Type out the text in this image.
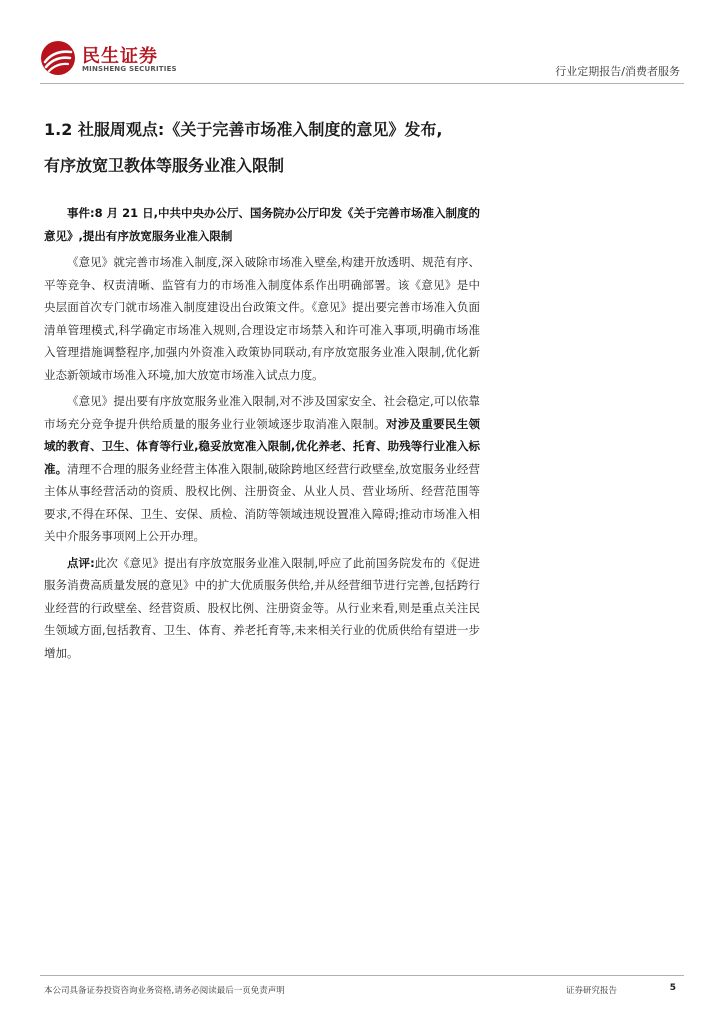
民生证券
MINSHENG SECURITIES	行业定期报告/消费者服务
1.2 社服周观点:《关于完善市场准入制度的意见》发布,
有序放宽卫教体等服务业准入限制

事件:8 月 21 日,中共中央办公厅、国务院办公厅印发《关于完善市场准入制度的意见》,提出有序放宽服务业准入限制

《意见》就完善市场准入制度,深入破除市场准入壁垒,构建开放透明、规范有序、平等竞争、权责清晰、监管有力的市场准入制度体系作出明确部署。该《意见》是中央层面首次专门就市场准入制度建设出台政策文件。《意见》提出要完善市场准入负面清单管理模式,科学确定市场准入规则,合理设定市场禁入和许可准入事项,明确市场准入管理措施调整程序,加强内外资准入政策协同联动,有序放宽服务业准入限制,优化新业态新领域市场准入环境,加大放宽市场准入试点力度。

《意见》提出要有序放宽服务业准入限制,对不涉及国家安全、社会稳定,可以依靠市场充分竞争提升供给质量的服务业行业领域逐步取消准入限制。对涉及重要民生领域的教育、卫生、体育等行业,稳妥放宽准入限制,优化养老、托育、助残等行业准入标准。清理不合理的服务业经营主体准入限制,破除跨地区经营行政壁垒,放宽服务业经营主体从事经营活动的资质、股权比例、注册资金、从业人员、营业场所、经营范围等要求,不得在环保、卫生、安保、质检、消防等领域违规设置准入障碍;推动市场准入相关中介服务事项网上公开办理。

点评:此次《意见》提出有序放宽服务业准入限制,呼应了此前国务院发布的《促进服务消费高质量发展的意见》中的扩大优质服务供给,并从经营细节进行完善,包括跨行业经营的行政壁垒、经营资质、股权比例、注册资金等。从行业来看,则是重点关注民生领域方面,包括教育、卫生、体育、养老托育等,未来相关行业的优质供给有望进一步增加。

本公司具备证券投资咨询业务资格,请务必阅读最后一页免责声明	证券研究报告	5
